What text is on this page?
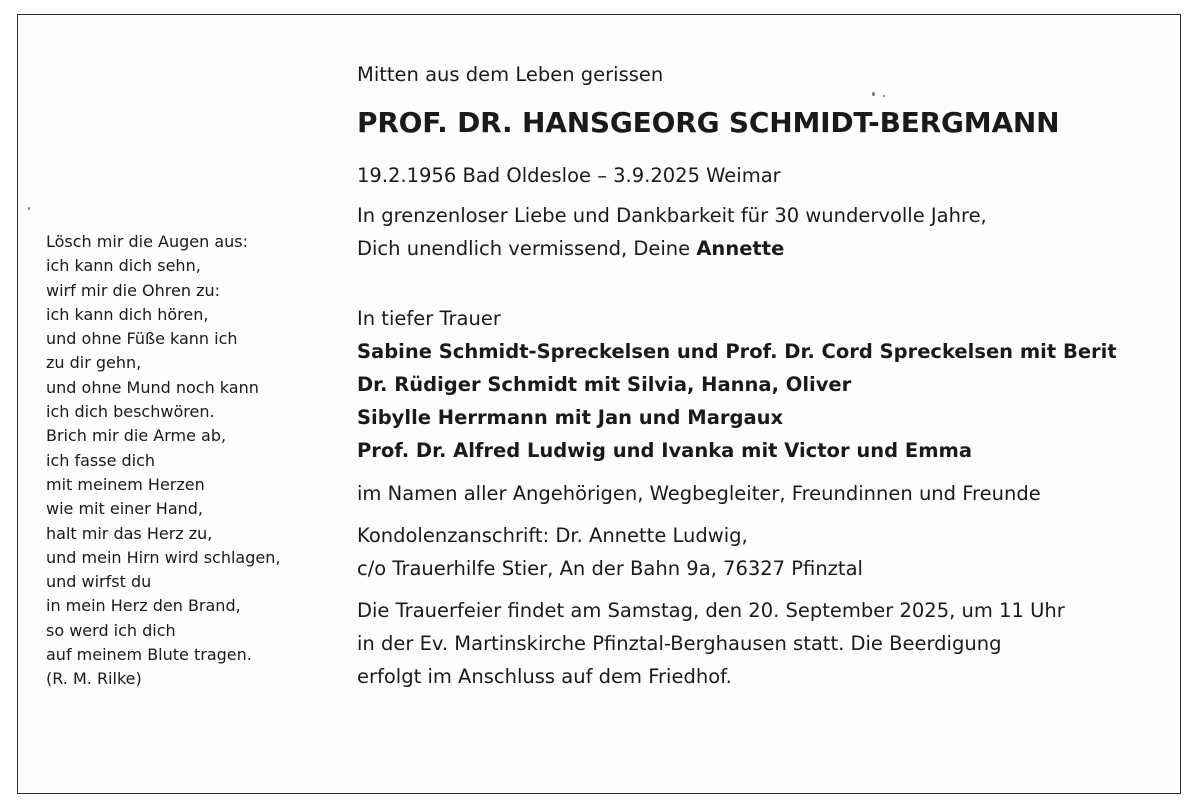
Lösch mir die Augen aus:
ich kann dich sehn,
wirf mir die Ohren zu:
ich kann dich hören,
und ohne Füße kann ich
zu dir gehn,
und ohne Mund noch kann
ich dich beschwören.
Brich mir die Arme ab,
ich fasse dich
mit meinem Herzen
wie mit einer Hand,
halt mir das Herz zu,
und mein Hirn wird schlagen,
und wirfst du
in mein Herz den Brand,
so werd ich dich
auf meinem Blute tragen.
(R. M. Rilke)
Mitten aus dem Leben gerissen
PROF. DR. HANSGEORG SCHMIDT-BERGMANN
19.2.1956 Bad Oldesloe – 3.9.2025 Weimar
In grenzenloser Liebe und Dankbarkeit für 30 wundervolle Jahre,
Dich unendlich vermissend, Deine Annette
In tiefer Trauer
Sabine Schmidt-Spreckelsen und Prof. Dr. Cord Spreckelsen mit Berit
Dr. Rüdiger Schmidt mit Silvia, Hanna, Oliver
Sibylle Herrmann mit Jan und Margaux
Prof. Dr. Alfred Ludwig und Ivanka mit Victor und Emma
im Namen aller Angehörigen, Wegbegleiter, Freundinnen und Freunde
Kondolenzanschrift: Dr. Annette Ludwig,
c/o Trauerhilfe Stier, An der Bahn 9a, 76327 Pfinztal
Die Trauerfeier findet am Samstag, den 20. September 2025, um 11 Uhr
in der Ev. Martinskirche Pfinztal-Berghausen statt. Die Beerdigung
erfolgt im Anschluss auf dem Friedhof.
